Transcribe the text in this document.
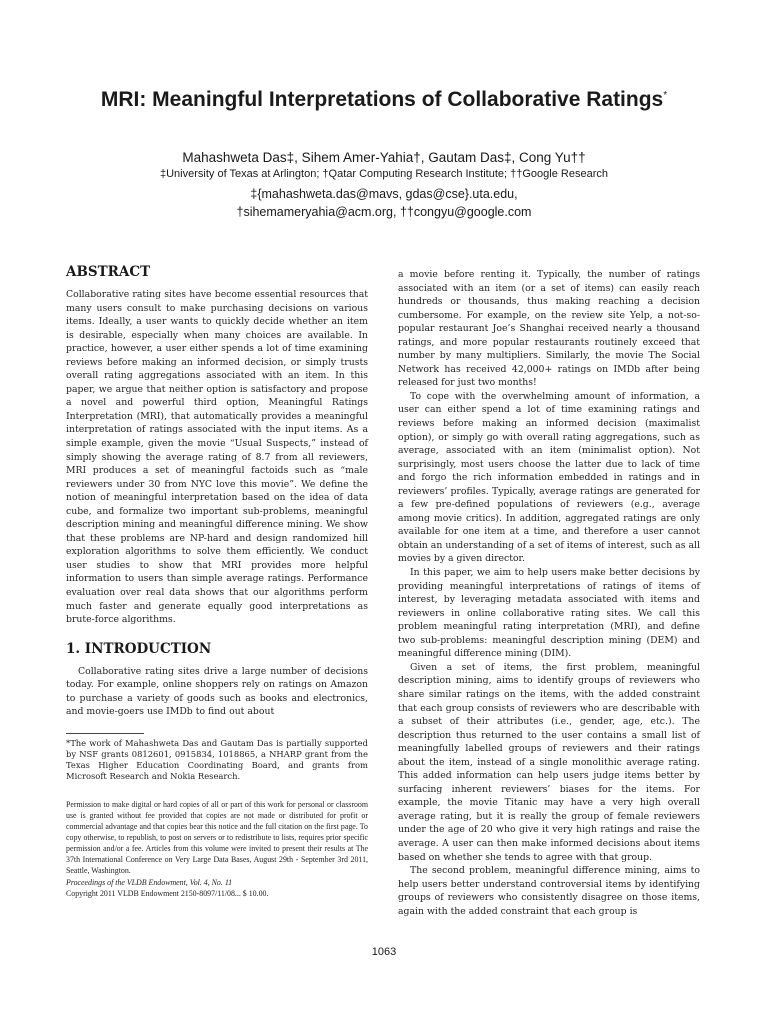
MRI: Meaningful Interpretations of Collaborative Ratings*
Mahashweta Das‡, Sihem Amer-Yahia†, Gautam Das‡, Cong Yu††
‡University of Texas at Arlington; †Qatar Computing Research Institute; ††Google Research
‡{mahashweta.das@mavs, gdas@cse}.uta.edu,
†sihemameryahia@acm.org, ††congyu@google.com
ABSTRACT

Collaborative rating sites have become essential resources that many users consult to make purchasing decisions on various items. Ideally, a user wants to quickly decide whether an item is desirable, especially when many choices are available. In practice, however, a user either spends a lot of time examining reviews before making an informed decision, or simply trusts overall rating aggregations associated with an item. In this paper, we argue that neither option is satisfactory and propose a novel and powerful third option, Meaningful Ratings Interpretation (MRI), that automatically provides a meaningful interpretation of ratings associated with the input items. As a simple example, given the movie “Usual Suspects,” instead of simply showing the average rating of 8.7 from all reviewers, MRI produces a set of meaningful factoids such as “male reviewers under 30 from NYC love this movie”. We define the notion of meaningful interpretation based on the idea of data cube, and formalize two important sub-problems, meaningful description mining and meaningful difference mining. We show that these problems are NP-hard and design randomized hill exploration algorithms to solve them efficiently. We conduct user studies to show that MRI provides more helpful information to users than simple average ratings. Performance evaluation over real data shows that our algorithms perform much faster and generate equally good interpretations as brute-force algorithms.

1. INTRODUCTION

Collaborative rating sites drive a large number of decisions today. For example, online shoppers rely on ratings on Amazon to purchase a variety of goods such as books and electronics, and movie-goers use IMDb to find out about

*The work of Mahashweta Das and Gautam Das is partially supported by NSF grants 0812601, 0915834, 1018865, a NHARP grant from the Texas Higher Education Coordinating Board, and grants from Microsoft Research and Nokia Research.

Permission to make digital or hard copies of all or part of this work for personal or classroom use is granted without fee provided that copies are not made or distributed for profit or commercial advantage and that copies bear this notice and the full citation on the first page. To copy otherwise, to republish, to post on servers or to redistribute to lists, requires prior specific permission and/or a fee. Articles from this volume were invited to present their results at The 37th International Conference on Very Large Data Bases, August 29th - September 3rd 2011, Seattle, Washington.

Proceedings of the VLDB Endowment, Vol. 4, No. 11

Copyright 2011 VLDB Endowment 2150-8097/11/08... $ 10.00.

a movie before renting it. Typically, the number of ratings associated with an item (or a set of items) can easily reach hundreds or thousands, thus making reaching a decision cumbersome. For example, on the review site Yelp, a not-so-popular restaurant Joe’s Shanghai received nearly a thousand ratings, and more popular restaurants routinely exceed that number by many multipliers. Similarly, the movie The Social Network has received 42,000+ ratings on IMDb after being released for just two months!

To cope with the overwhelming amount of information, a user can either spend a lot of time examining ratings and reviews before making an informed decision (maximalist option), or simply go with overall rating aggregations, such as average, associated with an item (minimalist option). Not surprisingly, most users choose the latter due to lack of time and forgo the rich information embedded in ratings and in reviewers’ profiles. Typically, average ratings are generated for a few pre-defined populations of reviewers (e.g., average among movie critics). In addition, aggregated ratings are only available for one item at a time, and therefore a user cannot obtain an understanding of a set of items of interest, such as all movies by a given director.

In this paper, we aim to help users make better decisions by providing meaningful interpretations of ratings of items of interest, by leveraging metadata associated with items and reviewers in online collaborative rating sites. We call this problem meaningful rating interpretation (MRI), and define two sub-problems: meaningful description mining (DEM) and meaningful difference mining (DIM).

Given a set of items, the first problem, meaningful description mining, aims to identify groups of reviewers who share similar ratings on the items, with the added constraint that each group consists of reviewers who are describable with a subset of their attributes (i.e., gender, age, etc.). The description thus returned to the user contains a small list of meaningfully labelled groups of reviewers and their ratings about the item, instead of a single monolithic average rating. This added information can help users judge items better by surfacing inherent reviewers’ biases for the items. For example, the movie Titanic may have a very high overall average rating, but it is really the group of female reviewers under the age of 20 who give it very high ratings and raise the average. A user can then make informed decisions about items based on whether she tends to agree with that group.

The second problem, meaningful difference mining, aims to help users better understand controversial items by identifying groups of reviewers who consistently disagree on those items, again with the added constraint that each group is

1063
